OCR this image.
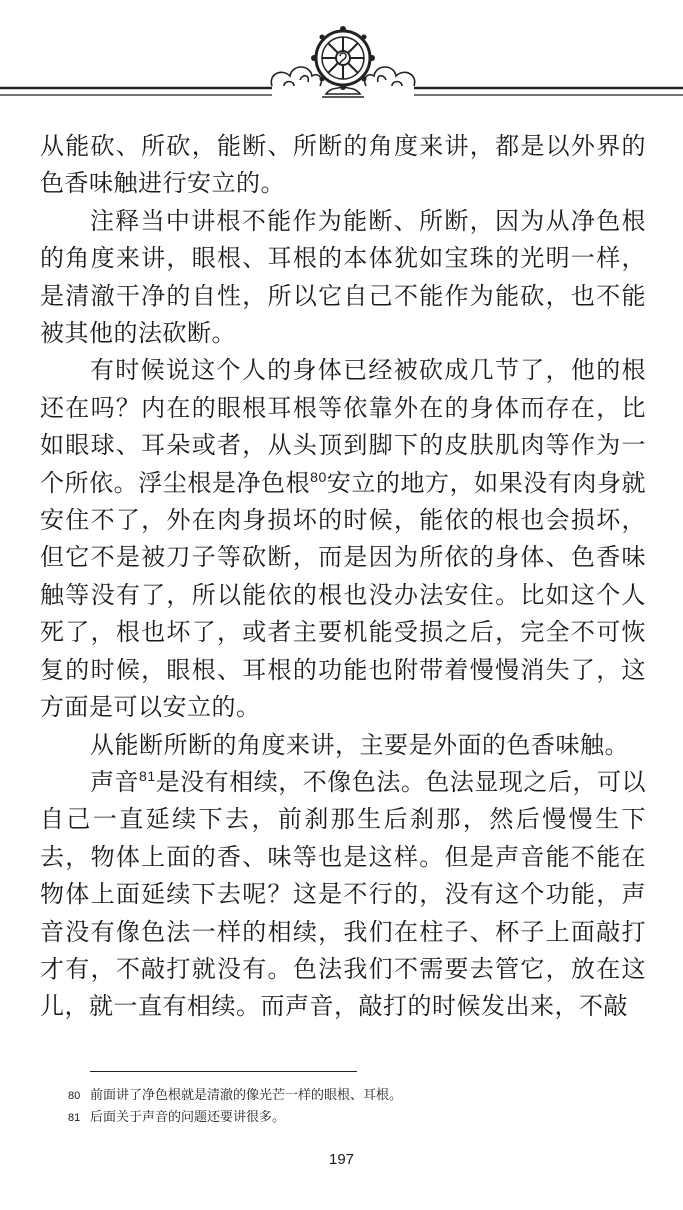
从能砍、所砍，能断、所断的角度来讲，都是以外界的色香味触进行安立的。

注释当中讲根不能作为能断、所断，因为从净色根的角度来讲，眼根、耳根的本体犹如宝珠的光明一样，是清澈干净的自性，所以它自己不能作为能砍，也不能被其他的法砍断。

有时候说这个人的身体已经被砍成几节了，他的根还在吗？内在的眼根耳根等依靠外在的身体而存在，比如眼球、耳朵或者，从头顶到脚下的皮肤肌肉等作为一个所依。浮尘根是净色根$^{80}$安立的地方，如果没有肉身就安住不了，外在肉身损坏的时候，能依的根也会损坏，但它不是被刀子等砍断，而是因为所依的身体、色香味触等没有了，所以能依的根也没办法安住。比如这个人死了，根也坏了，或者主要机能受损之后，完全不可恢复的时候，眼根、耳根的功能也附带着慢慢消失了，这方面是可以安立的。

从能断所断的角度来讲，主要是外面的色香味触。

声音$^{81}$是没有相续，不像色法。色法显现之后，可以自己一直延续下去，前刹那生后刹那，然后慢慢生下去，物体上面的香、味等也是这样。但是声音能不能在物体上面延续下去呢？这是不行的，没有这个功能，声音没有像色法一样的相续，我们在柱子、杯子上面敲打才有，不敲打就没有。色法我们不需要去管它，放在这儿，就一直有相续。而声音，敲打的时候发出来，不敲

80 前面讲了净色根就是清澈的像光芒一样的眼根、耳根。
81 后面关于声音的问题还要讲很多。
197
